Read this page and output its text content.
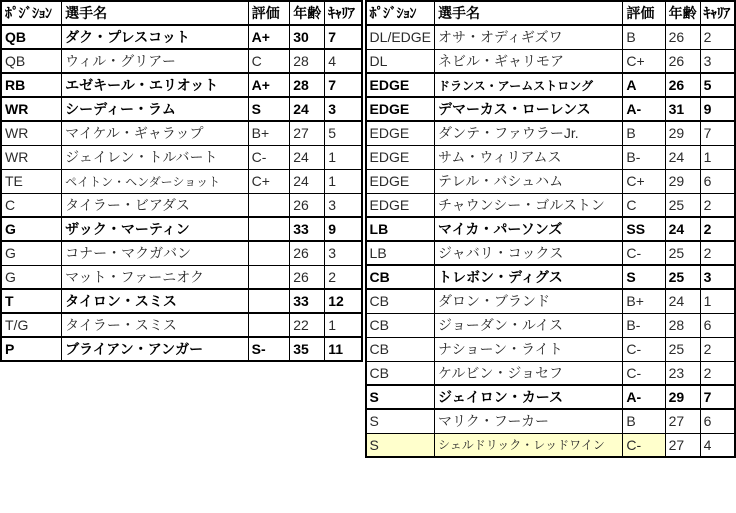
ﾎﾟｼﾞｼｮﾝ	選手名	評価	年齢	ｷｬﾘｱ
QB	ダク・プレスコット	A+	30	7
QB	ウィル・グリアー	C	28	4
RB	エゼキール・エリオット	A+	28	7
WR	シーディー・ラム	S	24	3
WR	マイケル・ギャラップ	B+	27	5
WR	ジェイレン・トルバート	C-	24	1
TE	ペイトン・ヘンダーショット	C+	24	1
C	タイラー・ビアダス		26	3
G	ザック・マーティン		33	9
G	コナー・マクガバン		26	3
G	マット・ファーニオク		26	2
T	タイロン・スミス		33	12
T/G	タイラー・スミス		22	1
P	ブライアン・アンガー	S-	35	11
ﾎﾟｼﾞｼｮﾝ	選手名	評価	年齢	ｷｬﾘｱ
DL/EDGE	オサ・オディギズワ	B	26	2
DL	ネビル・ギャリモア	C+	26	3
EDGE	ドランス・アームストロング	A	26	5
EDGE	デマーカス・ローレンス	A-	31	9
EDGE	ダンテ・ファウラーJr.	B	29	7
EDGE	サム・ウィリアムス	B-	24	1
EDGE	テレル・バシュハム	C+	29	6
EDGE	チャウンシー・ゴルストン	C	25	2
LB	マイカ・パーソンズ	SS	24	2
LB	ジャバリ・コックス	C-	25	2
CB	トレボン・ディグス	S	25	3
CB	ダロン・ブランド	B+	24	1
CB	ジョーダン・ルイス	B-	28	6
CB	ナショーン・ライト	C-	25	2
CB	ケルビン・ジョセフ	C-	23	2
S	ジェイロン・カース	A-	29	7
S	マリク・フーカー	B	27	6
S	シェルドリック・レッドワイン	C-	27	4
